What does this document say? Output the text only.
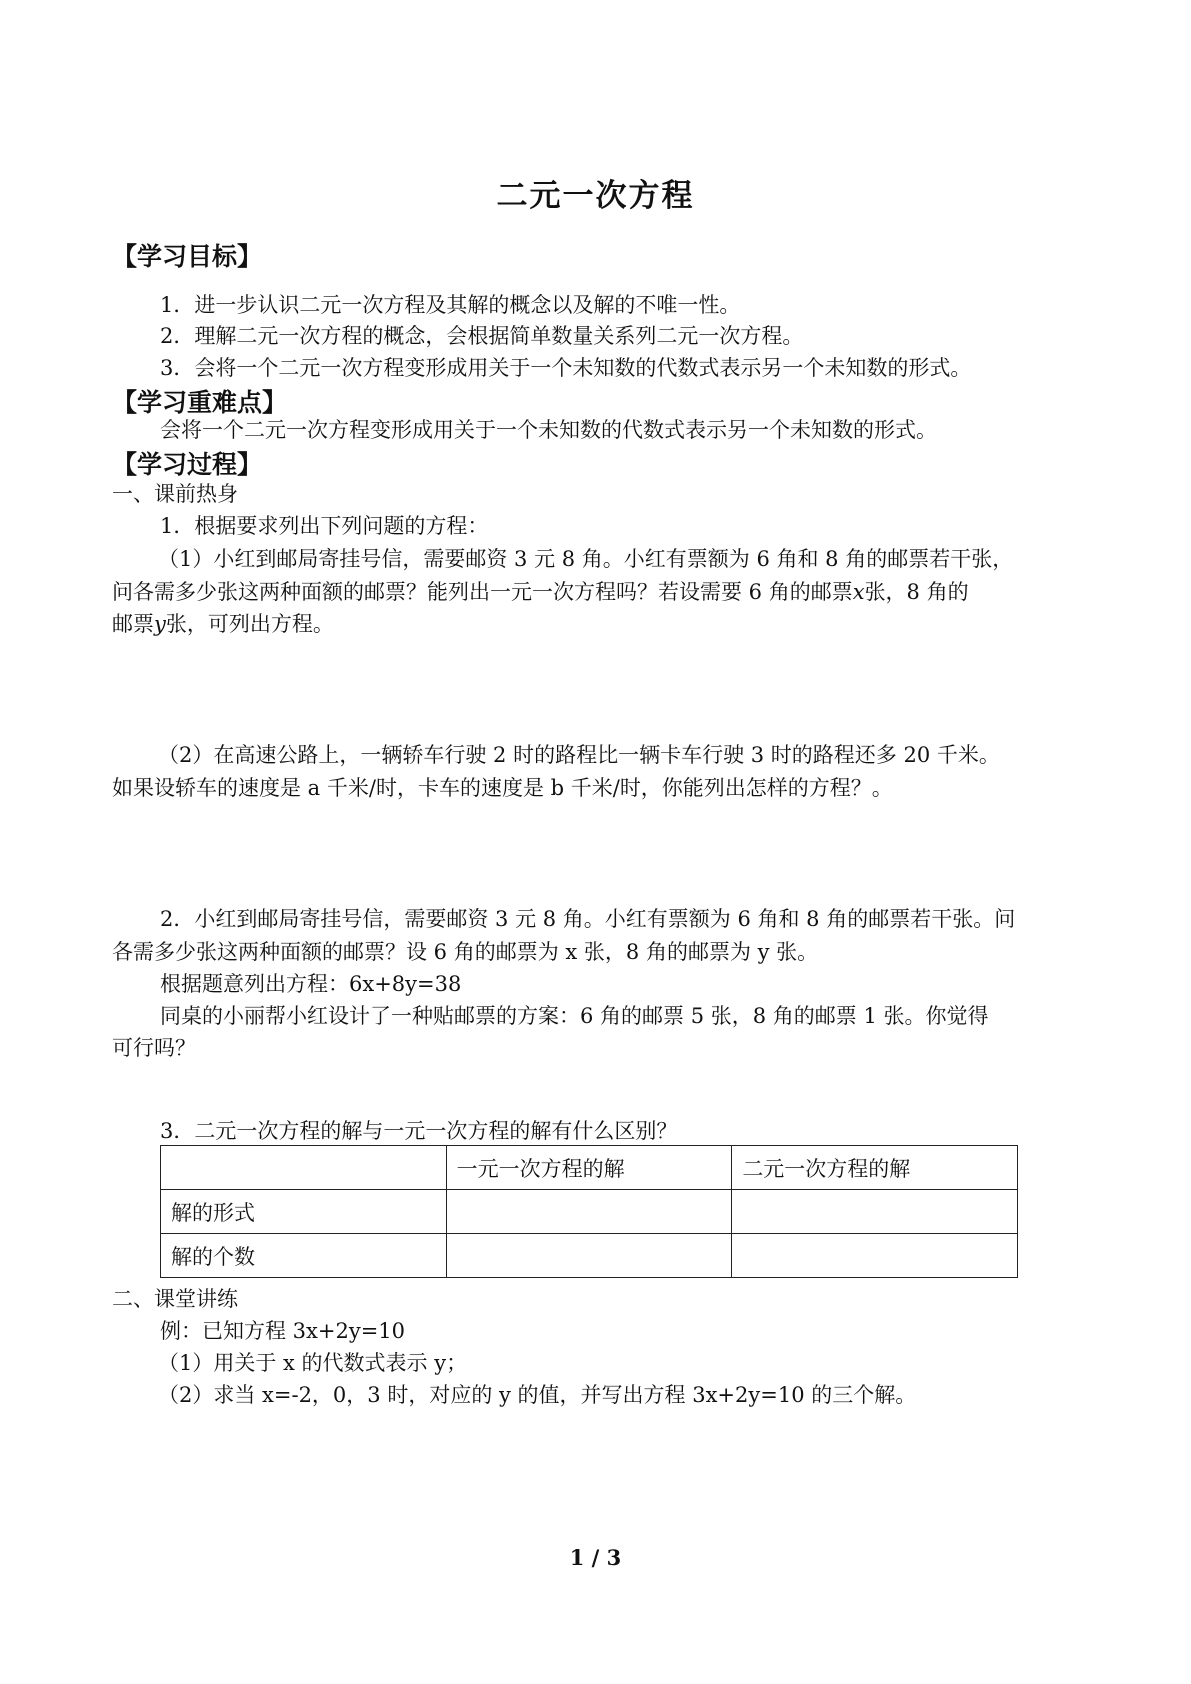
二元一次方程
【学习目标】
1．进一步认识二元一次方程及其解的概念以及解的不唯一性。
2．理解二元一次方程的概念，会根据简单数量关系列二元一次方程。
3．会将一个二元一次方程变形成用关于一个未知数的代数式表示另一个未知数的形式。
【学习重难点】
会将一个二元一次方程变形成用关于一个未知数的代数式表示另一个未知数的形式。
【学习过程】
一、课前热身
1．根据要求列出下列问题的方程：
（1）小红到邮局寄挂号信，需要邮资 3 元 8 角。小红有票额为 6 角和 8 角的邮票若干张，
问各需多少张这两种面额的邮票？能列出一元一次方程吗？若设需要 6 角的邮票x张，8 角的
邮票y张，可列出方程。
（2）在高速公路上，一辆轿车行驶 2 时的路程比一辆卡车行驶 3 时的路程还多 20 千米。
如果设轿车的速度是 a 千米/时，卡车的速度是 b 千米/时，你能列出怎样的方程？。
2．小红到邮局寄挂号信，需要邮资 3 元 8 角。小红有票额为 6 角和 8 角的邮票若干张。问
各需多少张这两种面额的邮票？设 6 角的邮票为 x 张，8 角的邮票为 y 张。
根据题意列出方程：6x+8y=38
同桌的小丽帮小红设计了一种贴邮票的方案：6 角的邮票 5 张，8 角的邮票 1 张。你觉得
可行吗？
3．二元一次方程的解与一元一次方程的解有什么区别？
	一元一次方程的解	二元一次方程的解
解的形式		
解的个数		
二、课堂讲练
例：已知方程 3x+2y=10
（1）用关于 x 的代数式表示 y；
（2）求当 x=-2，0，3 时，对应的 y 的值，并写出方程 3x+2y=10 的三个解。
1 / 3
